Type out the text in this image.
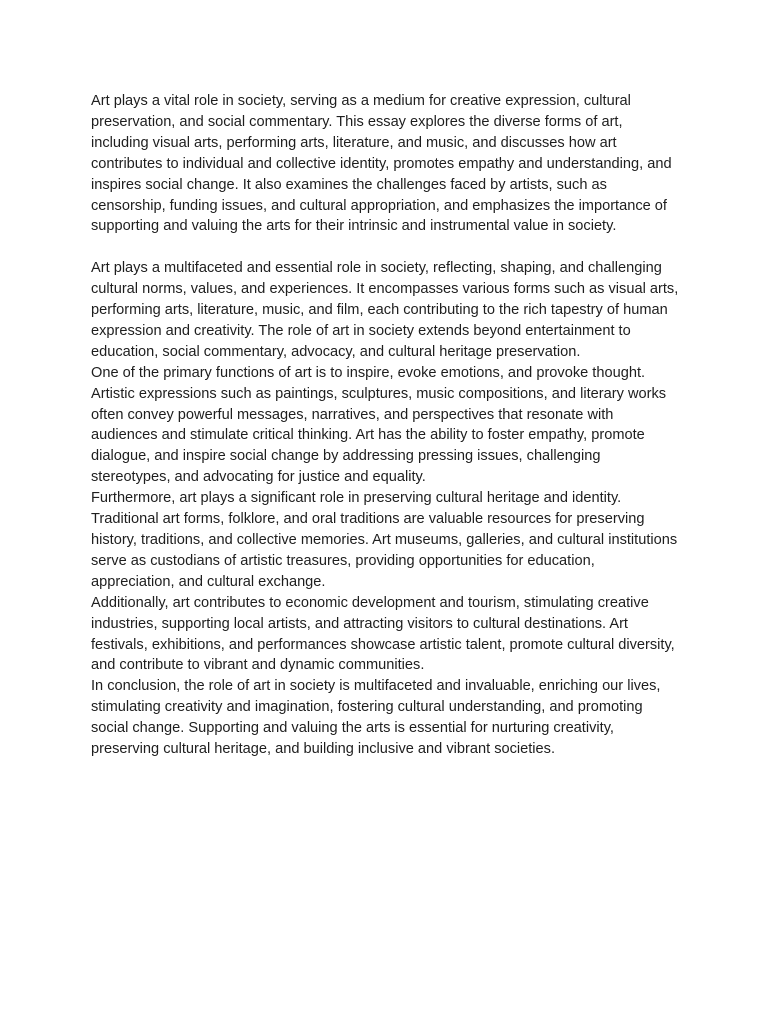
Art plays a vital role in society, serving as a medium for creative expression, cultural preservation, and social commentary. This essay explores the diverse forms of art, including visual arts, performing arts, literature, and music, and discusses how art contributes to individual and collective identity, promotes empathy and understanding, and inspires social change. It also examines the challenges faced by artists, such as censorship, funding issues, and cultural appropriation, and emphasizes the importance of supporting and valuing the arts for their intrinsic and instrumental value in society.

Art plays a multifaceted and essential role in society, reflecting, shaping, and challenging cultural norms, values, and experiences. It encompasses various forms such as visual arts, performing arts, literature, music, and film, each contributing to the rich tapestry of human expression and creativity. The role of art in society extends beyond entertainment to education, social commentary, advocacy, and cultural heritage preservation.

One of the primary functions of art is to inspire, evoke emotions, and provoke thought. Artistic expressions such as paintings, sculptures, music compositions, and literary works often convey powerful messages, narratives, and perspectives that resonate with audiences and stimulate critical thinking. Art has the ability to foster empathy, promote dialogue, and inspire social change by addressing pressing issues, challenging stereotypes, and advocating for justice and equality.

Furthermore, art plays a significant role in preserving cultural heritage and identity. Traditional art forms, folklore, and oral traditions are valuable resources for preserving history, traditions, and collective memories. Art museums, galleries, and cultural institutions serve as custodians of artistic treasures, providing opportunities for education, appreciation, and cultural exchange.

Additionally, art contributes to economic development and tourism, stimulating creative industries, supporting local artists, and attracting visitors to cultural destinations. Art festivals, exhibitions, and performances showcase artistic talent, promote cultural diversity, and contribute to vibrant and dynamic communities.

In conclusion, the role of art in society is multifaceted and invaluable, enriching our lives, stimulating creativity and imagination, fostering cultural understanding, and promoting social change. Supporting and valuing the arts is essential for nurturing creativity, preserving cultural heritage, and building inclusive and vibrant societies.
